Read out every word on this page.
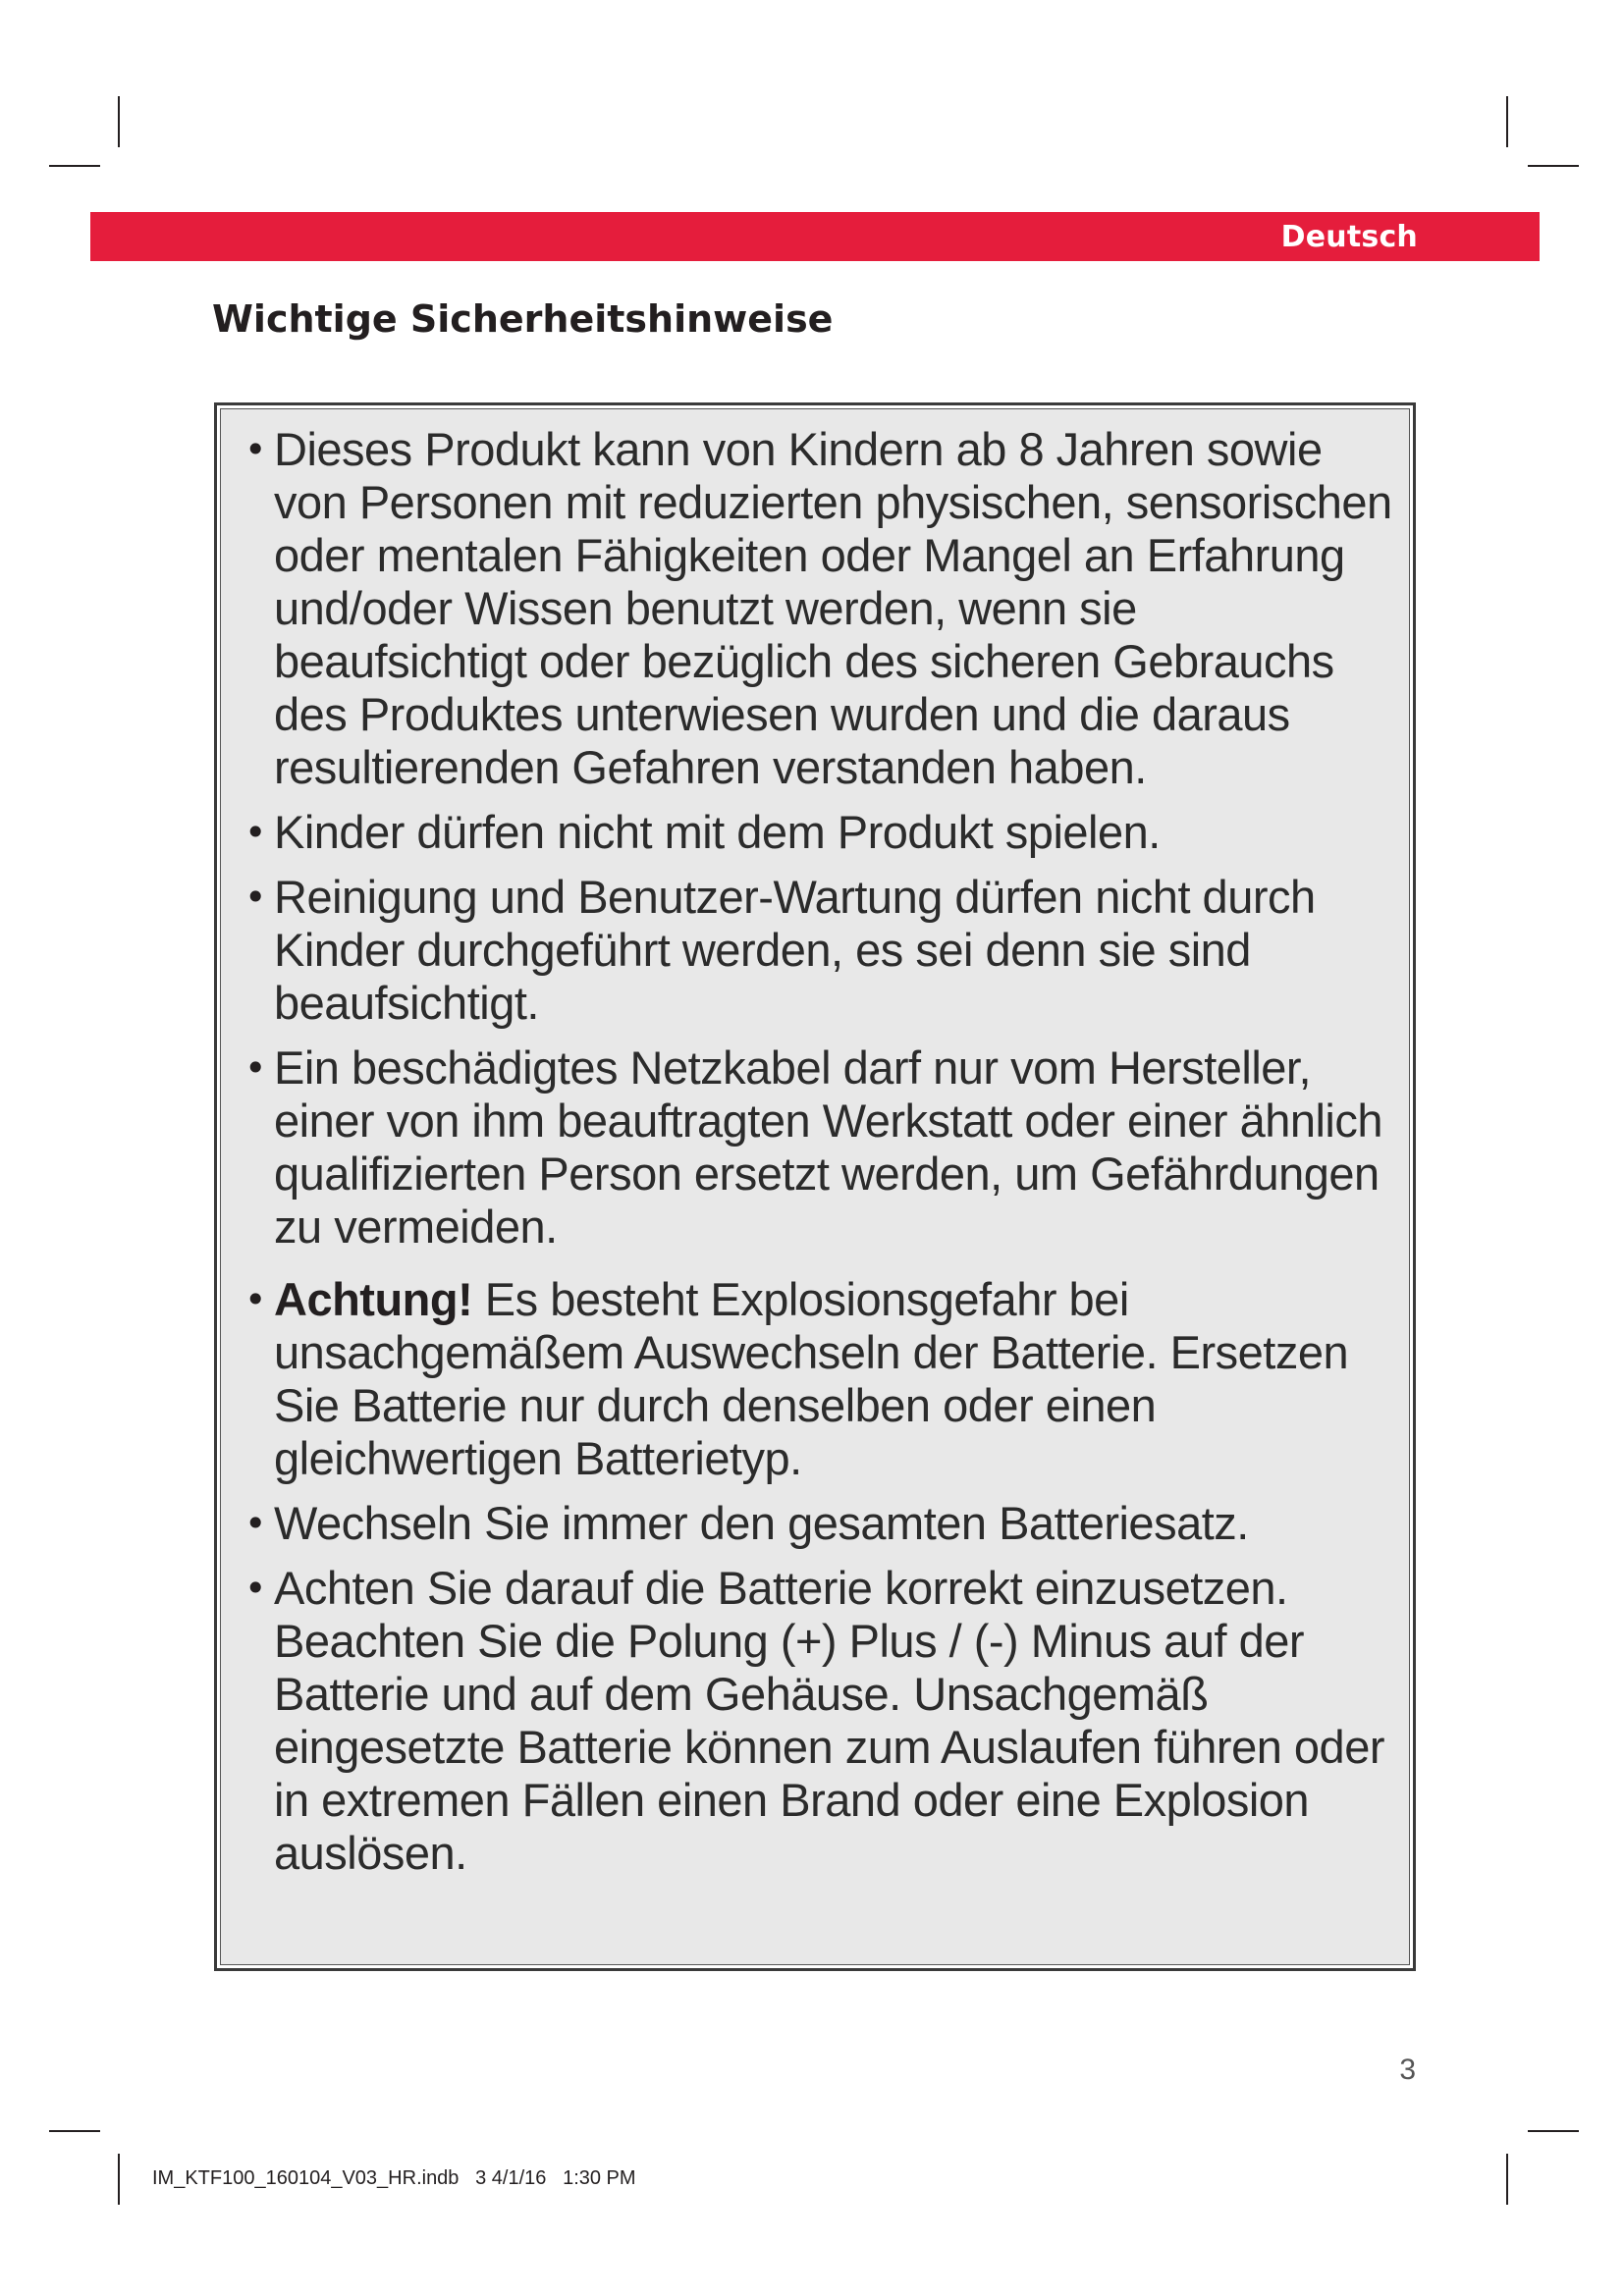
Deutsch
Wichtige Sicherheitshinweise
• Dieses Produkt kann von Kindern ab 8 Jahren sowie von Personen mit reduzierten physischen, sensorischen oder mentalen Fähigkeiten oder Mangel an Erfahrung und/oder Wissen benutzt werden, wenn sie beaufsichtigt oder bezüglich des sicheren Gebrauchs des Produktes unterwiesen wurden und die daraus resultierenden Gefahren verstanden haben.
• Kinder dürfen nicht mit dem Produkt spielen.
• Reinigung und Benutzer-Wartung dürfen nicht durch Kinder durchgeführt werden, es sei denn sie sind beaufsichtigt.
• Ein beschädigtes Netzkabel darf nur vom Hersteller, einer von ihm beauftragten Werkstatt oder einer ähnlich qualifizierten Person ersetzt werden, um Gefährdungen zu vermeiden.
• Achtung! Es besteht Explosionsgefahr bei unsachgemäßem Auswechseln der Batterie. Ersetzen Sie Batterie nur durch denselben oder einen gleichwertigen Batterietyp.
• Wechseln Sie immer den gesamten Batteriesatz.
• Achten Sie darauf die Batterie korrekt einzusetzen. Beachten Sie die Polung (+) Plus / (-) Minus auf der Batterie und auf dem Gehäuse. Unsachgemäß eingesetzte Batterie können zum Auslaufen führen oder in extremen Fällen einen Brand oder eine Explosion auslösen.
3
IM_KTF100_160104_V03_HR.indb 3 4/1/16 1:30 PM
